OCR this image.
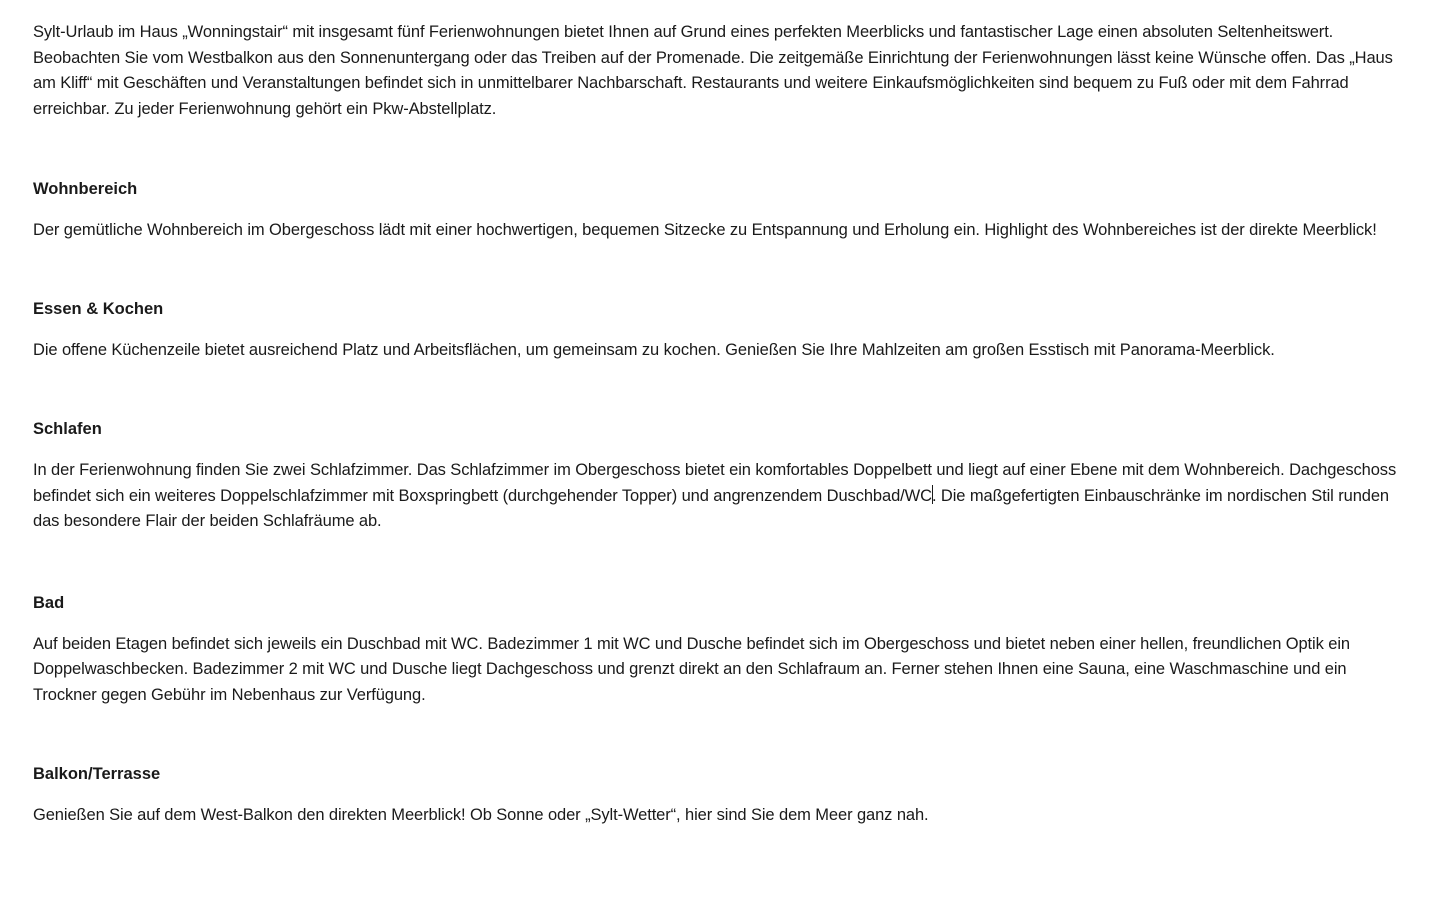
Sylt-Urlaub im Haus „Wonningstair“ mit insgesamt fünf Ferienwohnungen bietet Ihnen auf Grund eines perfekten Meerblicks und fantastischer Lage einen absoluten Seltenheitswert. Beobachten Sie vom Westbalkon aus den Sonnenuntergang oder das Treiben auf der Promenade. Die zeitgemäße Einrichtung der Ferienwohnungen lässt keine Wünsche offen. Das „Haus am Kliff“ mit Geschäften und Veranstaltungen befindet sich in unmittelbarer Nachbarschaft. Restaurants und weitere Einkaufsmöglichkeiten sind bequem zu Fuß oder mit dem Fahrrad erreichbar. Zu jeder Ferienwohnung gehört ein Pkw-Abstellplatz.

Wohnbereich

Der gemütliche Wohnbereich im Obergeschoss lädt mit einer hochwertigen, bequemen Sitzecke zu Entspannung und Erholung ein. Highlight des Wohnbereiches ist der direkte Meerblick!

Essen & Kochen

Die offene Küchenzeile bietet ausreichend Platz und Arbeitsflächen, um gemeinsam zu kochen. Genießen Sie Ihre Mahlzeiten am großen Esstisch mit Panorama-Meerblick.

Schlafen

In der Ferienwohnung finden Sie zwei Schlafzimmer. Das Schlafzimmer im Obergeschoss bietet ein komfortables Doppelbett und liegt auf einer Ebene mit dem Wohnbereich. Dachgeschoss befindet sich ein weiteres Doppelschlafzimmer mit Boxspringbett (durchgehender Topper) und angrenzendem Duschbad/WC. Die maßgefertigten Einbauschränke im nordischen Stil runden das besondere Flair der beiden Schlafräume ab.

Bad

Auf beiden Etagen befindet sich jeweils ein Duschbad mit WC. Badezimmer 1 mit WC und Dusche befindet sich im Obergeschoss und bietet neben einer hellen, freundlichen Optik ein Doppelwaschbecken. Badezimmer 2 mit WC und Dusche liegt Dachgeschoss und grenzt direkt an den Schlafraum an. Ferner stehen Ihnen eine Sauna, eine Waschmaschine und ein Trockner gegen Gebühr im Nebenhaus zur Verfügung.

Balkon/Terrasse

Genießen Sie auf dem West-Balkon den direkten Meerblick! Ob Sonne oder „Sylt-Wetter“, hier sind Sie dem Meer ganz nah.
